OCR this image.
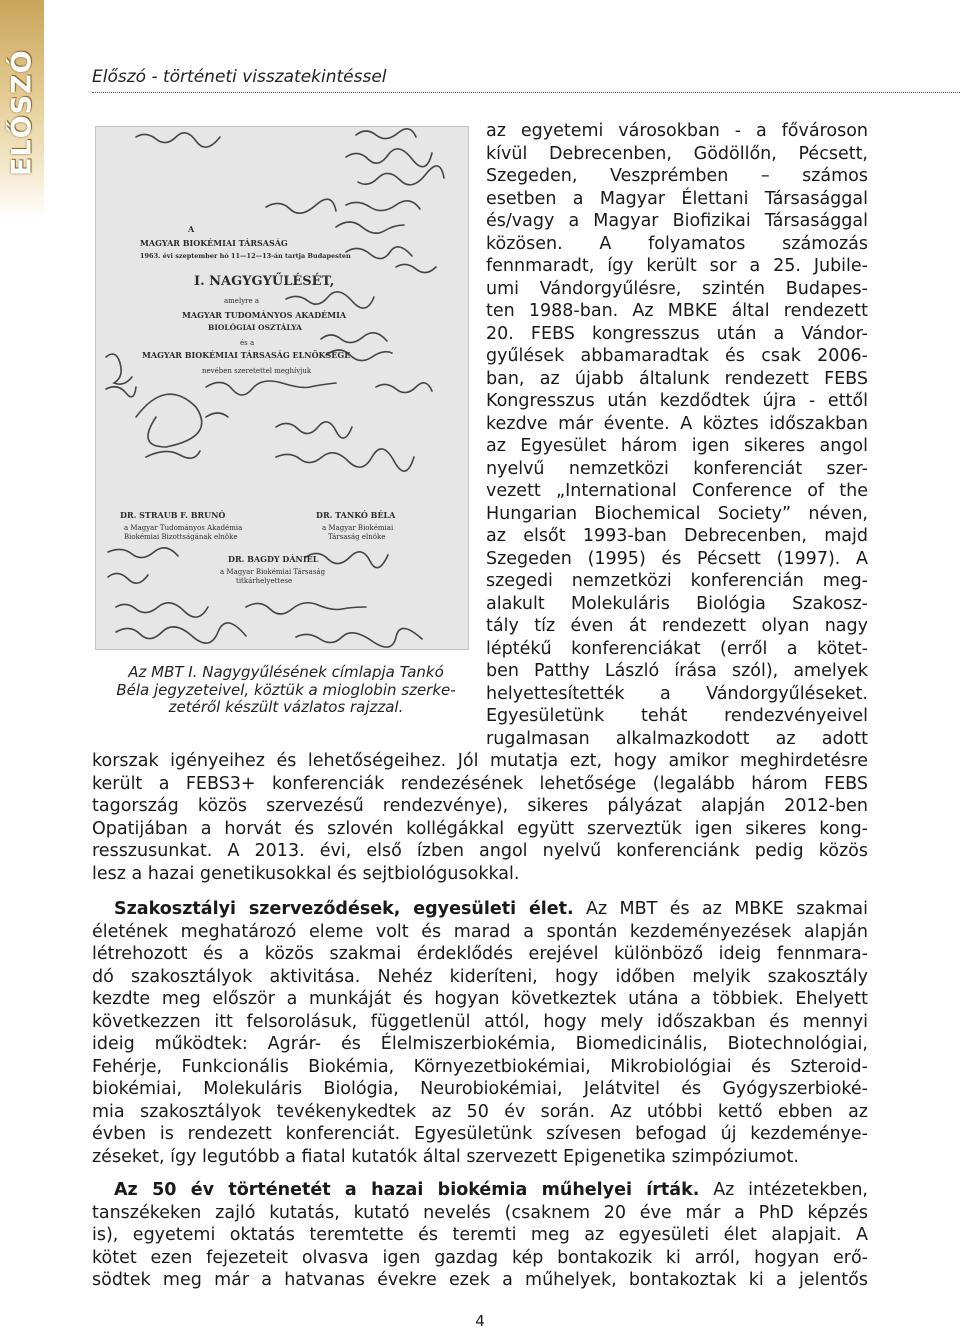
ELŐSZÓ	Előszó - történeti visszatekintéssel
A
MAGYAR BIOKÉMIAI TÁRSASÁG
1963. évi szeptember hó 11—12—13-án tartja Budapesten
I. NAGYGYŰLÉSÉT,
amelyre a
MAGYAR TUDOMÁNYOS AKADÉMIA
BIOLÓGIAI OSZTÁLYA
és a
MAGYAR BIOKÉMIAI TÁRSASÁG ELNÖKSÉGE
nevében szeretettel meghívjuk
DR. STRAUB F. BRUNÓ
a Magyar Tudományos Akadémia
Biokémiai Bizottságának elnöke
DR. TANKÓ BÉLA
a Magyar Biokémiai
Társaság elnöke
DR. BAGDY DÁNIEL
a Magyar Biokémiai Társaság
titkárhelyettese
Az MBT I. Nagygyűlésének címlapja Tankó
Béla jegyzeteivel, köztük a mioglobin szerke-
zetéről készült vázlatos rajzzal.
az egyetemi városokban - a fővároson
kívül Debrecenben, Gödöllőn, Pécsett,
Szegeden, Veszprémben – számos
esetben a Magyar Élettani Társasággal
és/vagy a Magyar Biofizikai Társasággal
közösen. A folyamatos számozás
fennmaradt, így került sor a 25. Jubile-
umi Vándorgyűlésre, szintén Budapes-
ten 1988-ban. Az MBKE által rendezett
20. FEBS kongresszus után a Vándor-
gyűlések abbamaradtak és csak 2006-
ban, az újabb általunk rendezett FEBS
Kongresszus után kezdődtek újra - ettől
kezdve már évente. A köztes időszakban
az Egyesület három igen sikeres angol
nyelvű nemzetközi konferenciát szer-
vezett „International Conference of the
Hungarian Biochemical Society” néven,
az elsőt 1993-ban Debrecenben, majd
Szegeden (1995) és Pécsett (1997). A
szegedi nemzetközi konferencián meg-
alakult Molekuláris Biológia Szakosz-
tály tíz éven át rendezett olyan nagy
léptékű konferenciákat (erről a kötet-
ben Patthy László írása szól), amelyek
helyettesítették a Vándorgyűléseket.
Egyesületünk tehát rendezvényeivel
rugalmasan alkalmazkodott az adott
korszak igényeihez és lehetőségeihez. Jól mutatja ezt, hogy amikor meghirdetésre
került a FEBS3+ konferenciák rendezésének lehetősége (legalább három FEBS
tagország közös szervezésű rendezvénye), sikeres pályázat alapján 2012-ben
Opatijában a horvát és szlovén kollégákkal együtt szerveztük igen sikeres kong-
resszusunkat. A 2013. évi, első ízben angol nyelvű konferenciánk pedig közös
lesz a hazai genetikusokkal és sejtbiológusokkal.
Szakosztályi szerveződések, egyesületi élet. Az MBT és az MBKE szakmai
életének meghatározó eleme volt és marad a spontán kezdeményezések alapján
létrehozott és a közös szakmai érdeklődés erejével különböző ideig fennmara-
dó szakosztályok aktivitása. Nehéz kideríteni, hogy időben melyik szakosztály
kezdte meg először a munkáját és hogyan következtek utána a többiek. Ehelyett
következzen itt felsorolásuk, függetlenül attól, hogy mely időszakban és mennyi
ideig működtek: Agrár- és Élelmiszerbiokémia, Biomedicinális, Biotechnológiai,
Fehérje, Funkcionális Biokémia, Környezetbiokémiai, Mikrobiológiai és Szteroid-
biokémiai, Molekuláris Biológia, Neurobiokémiai, Jelátvitel és Gyógyszerbioké-
mia szakosztályok tevékenykedtek az 50 év során. Az utóbbi kettő ebben az
évben is rendezett konferenciát. Egyesületünk szívesen befogad új kezdeménye-
zéseket, így legutóbb a fiatal kutatók által szervezett Epigenetika szimpóziumot.
Az 50 év történetét a hazai biokémia műhelyei írták. Az intézetekben,
tanszékeken zajló kutatás, kutató nevelés (csaknem 20 éve már a PhD képzés
is), egyetemi oktatás teremtette és teremti meg az egyesületi élet alapjait. A
kötet ezen fejezeteit olvasva igen gazdag kép bontakozik ki arról, hogyan erő-
södtek meg már a hatvanas évekre ezek a műhelyek, bontakoztak ki a jelentős
4
